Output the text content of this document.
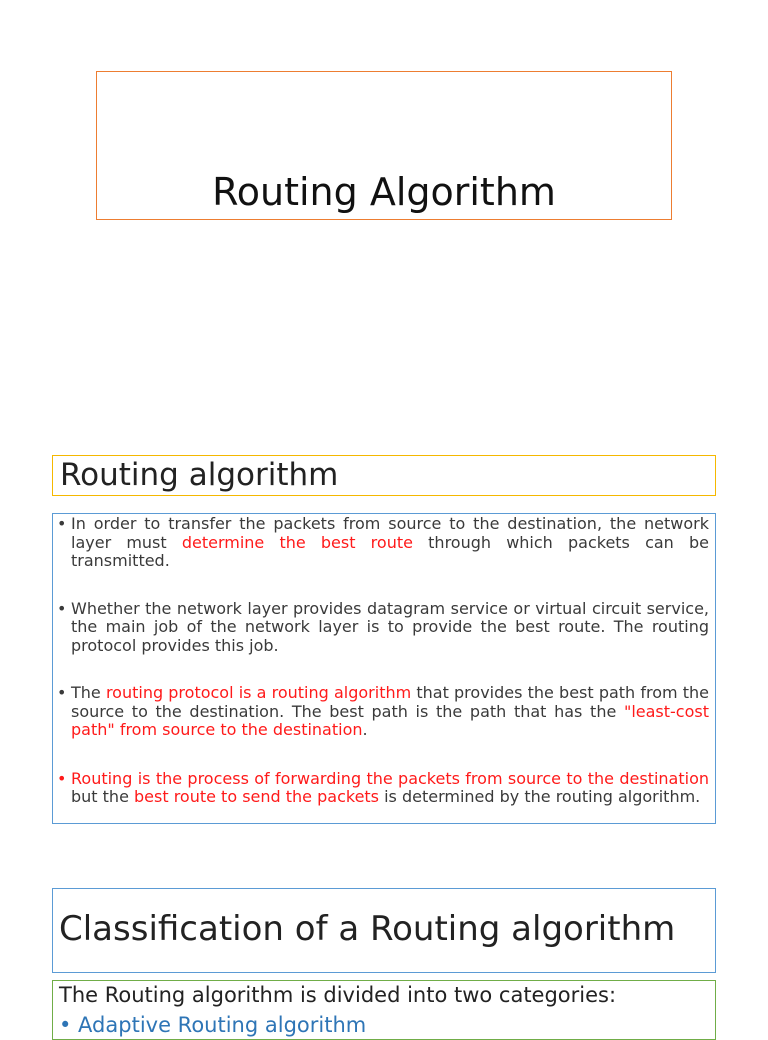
Routing Algorithm
Routing algorithm
• In order to transfer the packets from source to the destination, the network layer must determine the best route through which packets can be transmitted.
• Whether the network layer provides datagram service or virtual circuit service, the main job of the network layer is to provide the best route. The routing protocol provides this job.
• The routing protocol is a routing algorithm that provides the best path from the source to the destination. The best path is the path that has the "least-cost path" from source to the destination.
• Routing is the process of forwarding the packets from source to the destination but the best route to send the packets is determined by the routing algorithm.
Classification of a Routing algorithm
The Routing algorithm is divided into two categories:
• Adaptive Routing algorithm
